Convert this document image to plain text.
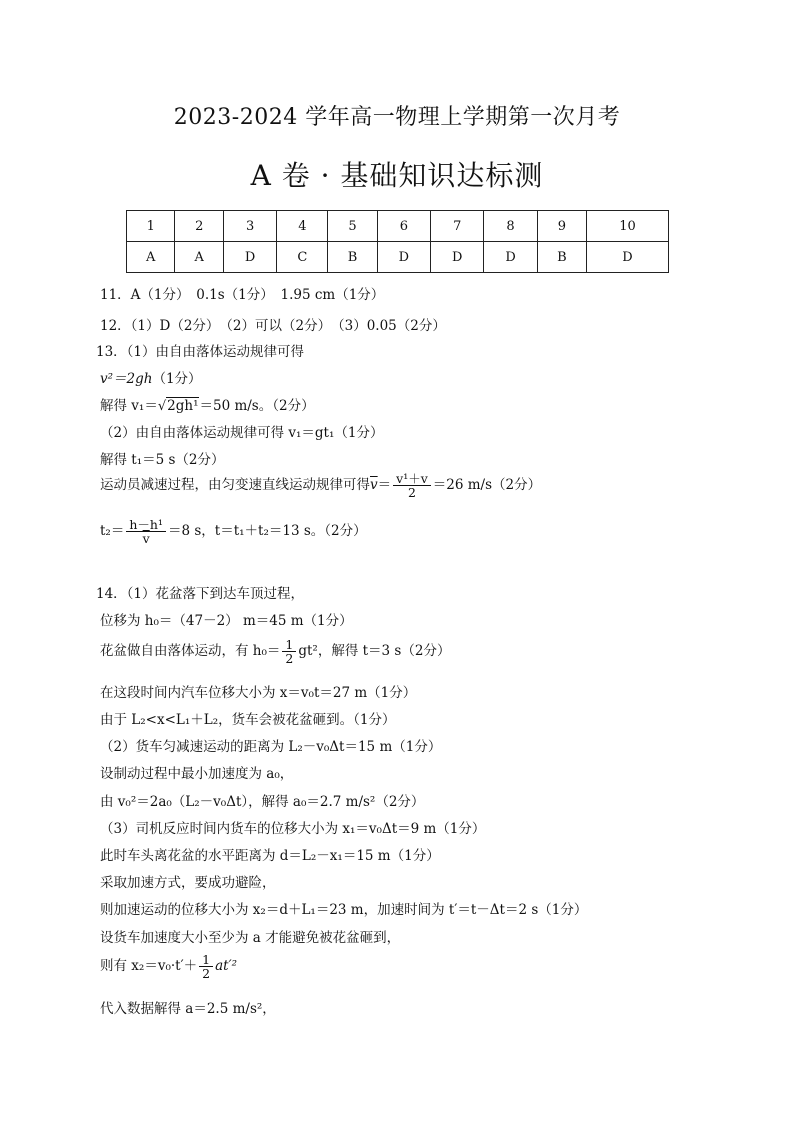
2023-2024 学年高一物理上学期第一次月考
A 卷 · 基础知识达标测
1	2	3	4	5	6	7	8	9	10
A	A	D	C	B	D	D	D	B	D
11．A（1分）　0.1s（1分）　1.95 cm（1分）
12．（1）D（2分）　（2）可以（2分）　（3）0.05（2分）
13．（1）由自由落体运动规律可得
v²＝2gh（1分）
解得 v₁＝√2gh¹＝50 m/s。（2分）
（2）由自由落体运动规律可得 v₁＝gt₁（1分）
解得 t₁＝5 s（2分）
运动员减速过程，由匀变速直线运动规律可得$\overline{v}= \frac{\text{v¹＋v}}{2} =26$ m/s（2分）
$t_2= \frac{\text{h－h¹}}{v} =8$ s，t＝t₁＋t₂＝13 s。（2分）
14．（1）花盆落下到达车顶过程，
位移为 h₀＝（47－2） m＝45 m（1分）
花盆做自由落体运动，有 $h_0= \frac{1}{2} gt^2$，解得 t＝3 s（2分）
在这段时间内汽车位移大小为 x＝v₀t＝27 m（1分）
由于 L₂<x<L₁＋L₂，货车会被花盆砸到。（1分）
（2）货车匀减速运动的距离为 L₂－v₀Δt＝15 m（1分）
设制动过程中最小加速度为 a₀，
由 v₀²＝2a₀（L₂－v₀Δt），解得 a₀＝2.7 m/s²（2分）
（3）司机反应时间内货车的位移大小为 x₁＝v₀Δt＝9 m（1分）
此时车头离花盆的水平距离为 d＝L₂－x₁＝15 m（1分）
采取加速方式，要成功避险，
则加速运动的位移大小为 x₂＝d＋L₁＝23 m，加速时间为 t′＝t－Δt＝2 s（1分）
设货车加速度大小至少为 a 才能避免被花盆砸到，
则有 $x_2=v_0\cdot t'+ \frac{1}{2} at'^2$
代入数据解得 a＝2.5 m/s²，
